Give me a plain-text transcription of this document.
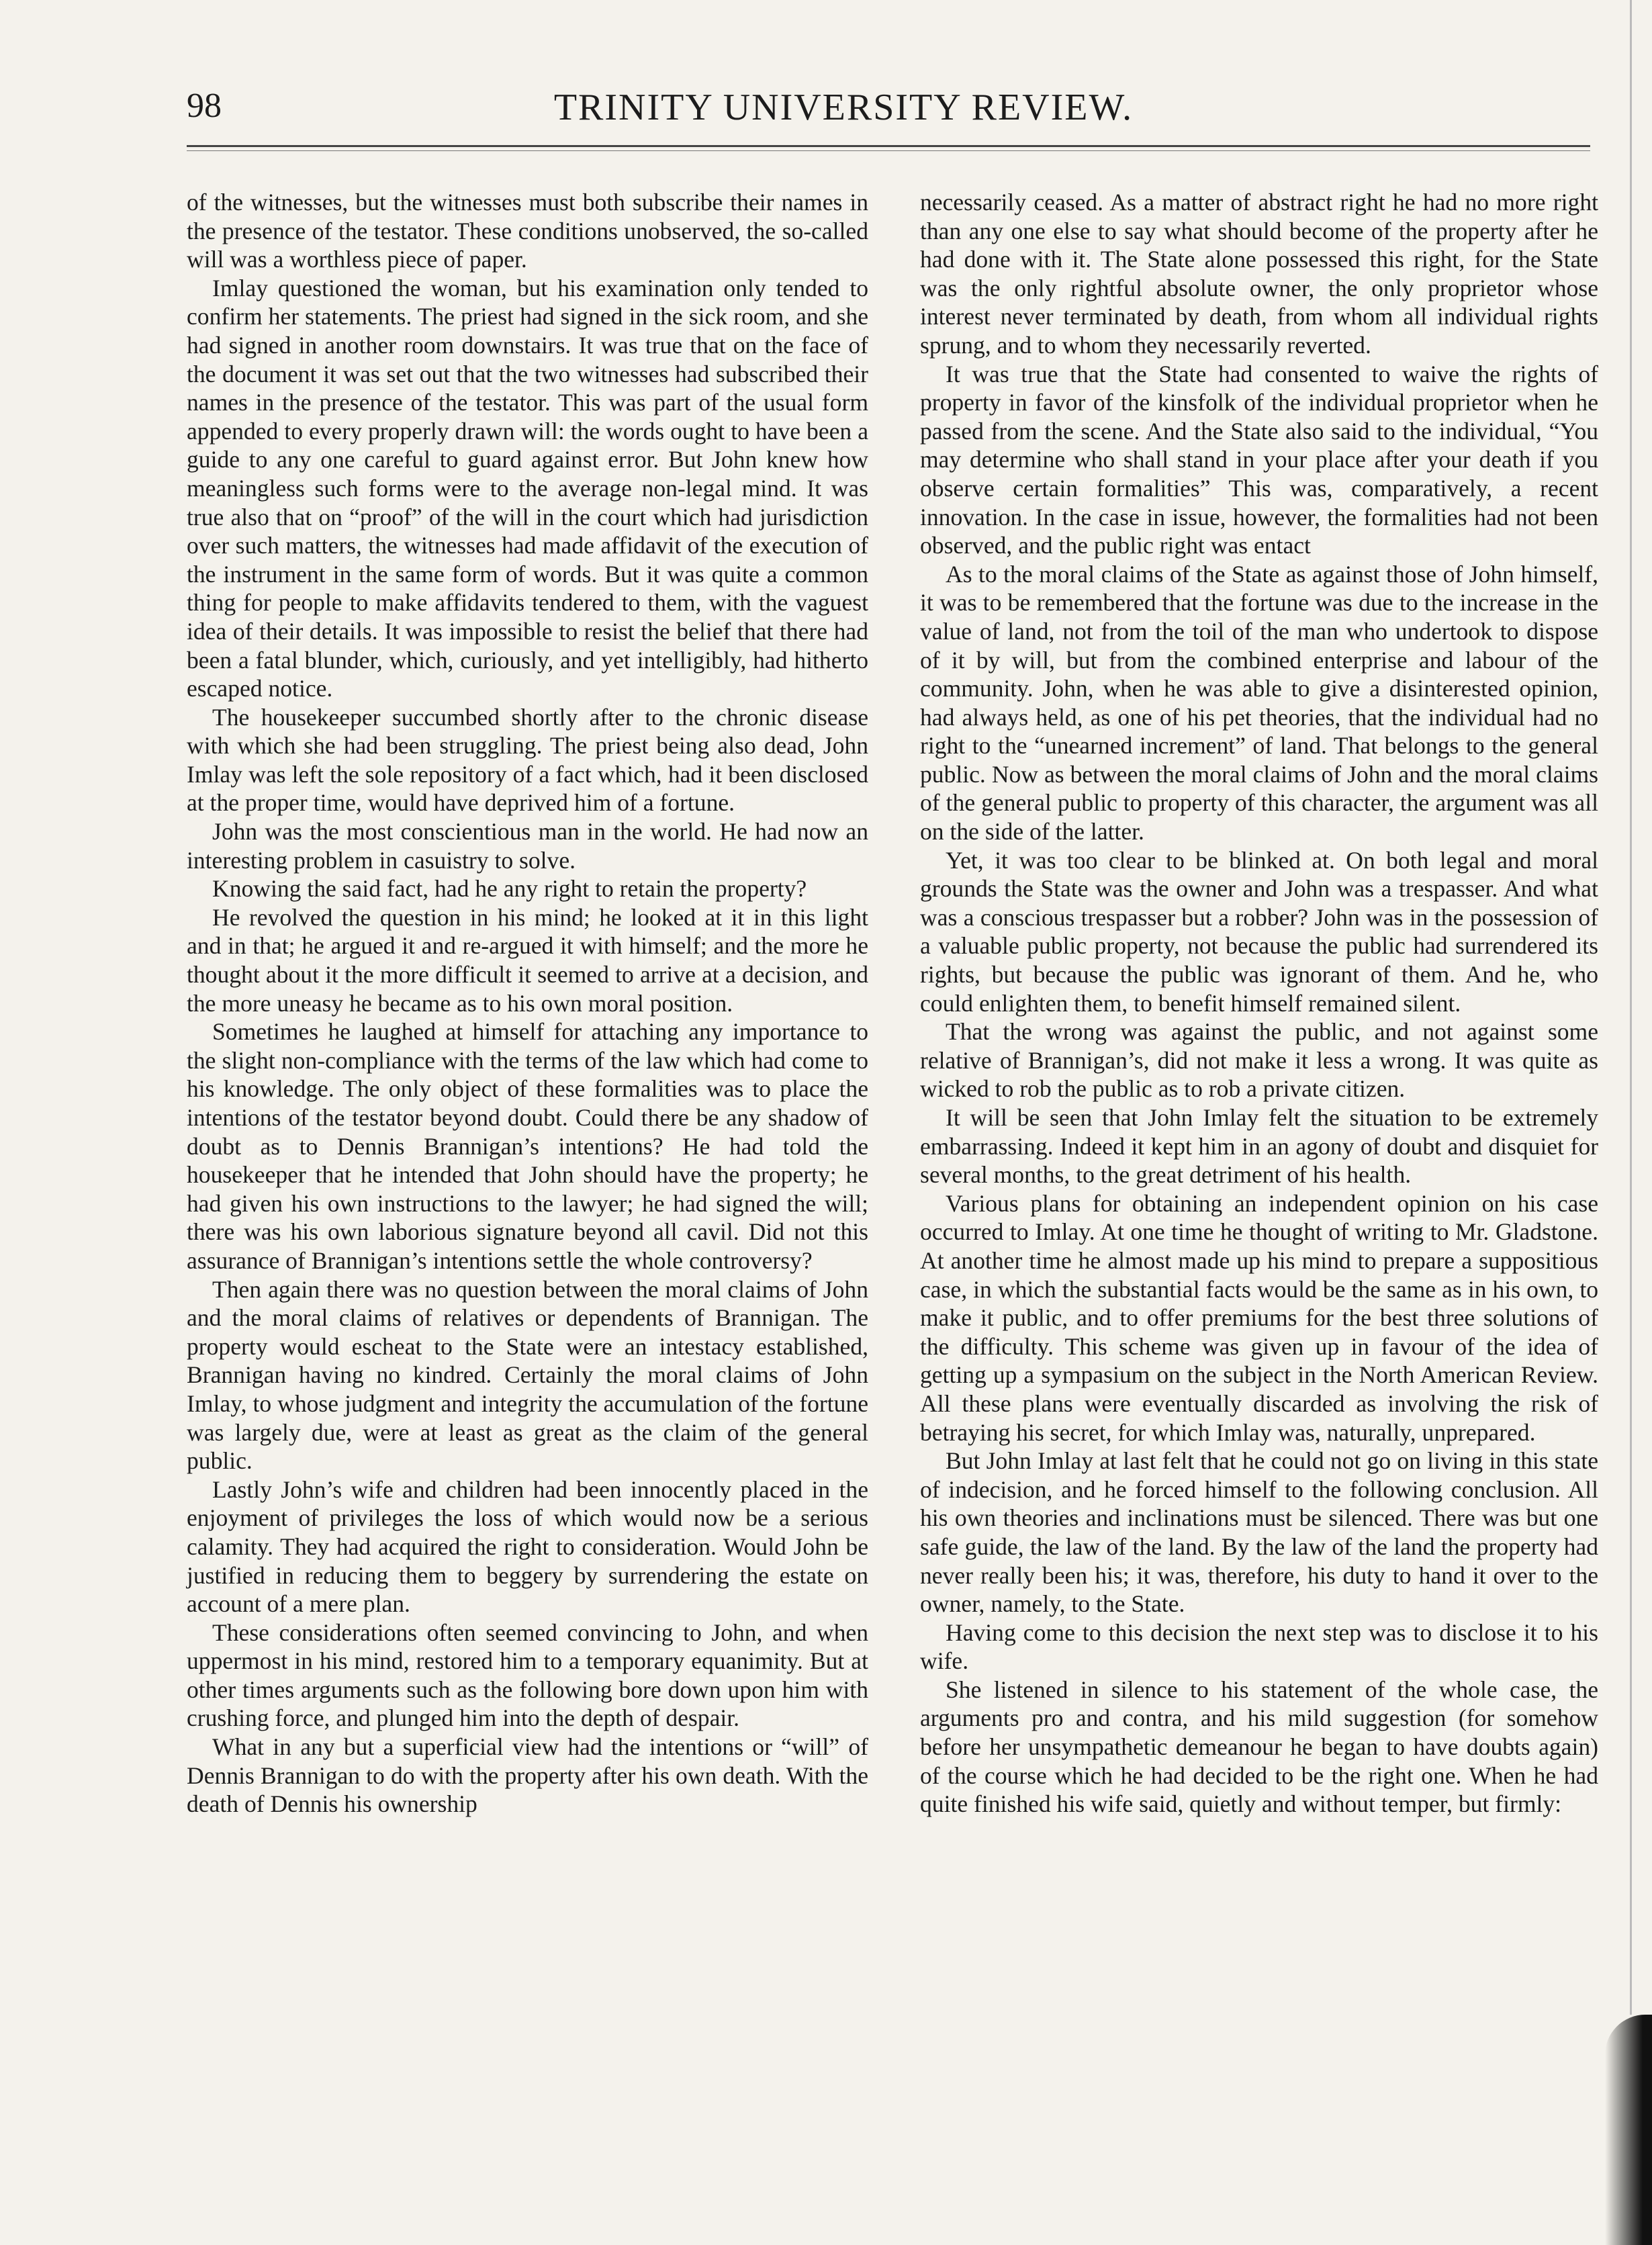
98	TRINITY UNIVERSITY REVIEW.

of the witnesses, but the witnesses must both subscribe their names in the presence of the testator. These conditions unobserved, the so-called will was a worthless piece of paper.

Imlay questioned the woman, but his examination only tended to confirm her statements. The priest had signed in the sick room, and she had signed in another room downstairs. It was true that on the face of the document it was set out that the two witnesses had subscribed their names in the presence of the testator. This was part of the usual form appended to every properly drawn will: the words ought to have been a guide to any one careful to guard against error. But John knew how meaningless such forms were to the average non-legal mind. It was true also that on “proof” of the will in the court which had jurisdiction over such matters, the witnesses had made affidavit of the execution of the instrument in the same form of words. But it was quite a common thing for people to make affidavits tendered to them, with the vaguest idea of their details. It was impossible to resist the belief that there had been a fatal blunder, which, curiously, and yet intelligibly, had hitherto escaped notice.

The housekeeper succumbed shortly after to the chronic disease with which she had been struggling. The priest being also dead, John Imlay was left the sole repository of a fact which, had it been disclosed at the proper time, would have deprived him of a fortune.

John was the most conscientious man in the world. He had now an interesting problem in casuistry to solve.

Knowing the said fact, had he any right to retain the property?

He revolved the question in his mind; he looked at it in this light and in that; he argued it and re-argued it with himself; and the more he thought about it the more difficult it seemed to arrive at a decision, and the more uneasy he became as to his own moral position.

Sometimes he laughed at himself for attaching any importance to the slight non-compliance with the terms of the law which had come to his knowledge. The only object of these formalities was to place the intentions of the testator beyond doubt. Could there be any shadow of doubt as to Dennis Brannigan’s intentions? He had told the housekeeper that he intended that John should have the property; he had given his own instructions to the lawyer; he had signed the will; there was his own laborious signature beyond all cavil. Did not this assurance of Brannigan’s intentions settle the whole controversy?

Then again there was no question between the moral claims of John and the moral claims of relatives or dependents of Brannigan. The property would escheat to the State were an intestacy established, Brannigan having no kindred. Certainly the moral claims of John Imlay, to whose judgment and integrity the accumulation of the fortune was largely due, were at least as great as the claim of the general public.

Lastly John’s wife and children had been innocently placed in the enjoyment of privileges the loss of which would now be a serious calamity. They had acquired the right to consideration. Would John be justified in reducing them to beggery by surrendering the estate on account of a mere plan.

These considerations often seemed convincing to John, and when uppermost in his mind, restored him to a temporary equanimity. But at other times arguments such as the following bore down upon him with crushing force, and plunged him into the depth of despair.

What in any but a superficial view had the intentions or “will” of Dennis Brannigan to do with the property after his own death. With the death of Dennis his ownership

necessarily ceased. As a matter of abstract right he had no more right than any one else to say what should become of the property after he had done with it. The State alone possessed this right, for the State was the only rightful absolute owner, the only proprietor whose interest never terminated by death, from whom all individual rights sprung, and to whom they necessarily reverted.

It was true that the State had consented to waive the rights of property in favor of the kinsfolk of the individual proprietor when he passed from the scene. And the State also said to the individual, “You may determine who shall stand in your place after your death if you observe certain formalities” This was, comparatively, a recent innovation. In the case in issue, however, the formalities had not been observed, and the public right was entact

As to the moral claims of the State as against those of John himself, it was to be remembered that the fortune was due to the increase in the value of land, not from the toil of the man who undertook to dispose of it by will, but from the combined enterprise and labour of the community. John, when he was able to give a disinterested opinion, had always held, as one of his pet theories, that the individual had no right to the “unearned increment” of land. That belongs to the general public. Now as between the moral claims of John and the moral claims of the general public to property of this character, the argument was all on the side of the latter.

Yet, it was too clear to be blinked at. On both legal and moral grounds the State was the owner and John was a trespasser. And what was a conscious trespasser but a robber? John was in the possession of a valuable public property, not because the public had surrendered its rights, but because the public was ignorant of them. And he, who could enlighten them, to benefit himself remained silent.

That the wrong was against the public, and not against some relative of Brannigan’s, did not make it less a wrong. It was quite as wicked to rob the public as to rob a private citizen.

It will be seen that John Imlay felt the situation to be extremely embarrassing. Indeed it kept him in an agony of doubt and disquiet for several months, to the great detriment of his health.

Various plans for obtaining an independent opinion on his case occurred to Imlay. At one time he thought of writing to Mr. Gladstone. At another time he almost made up his mind to prepare a suppositious case, in which the substantial facts would be the same as in his own, to make it public, and to offer premiums for the best three solutions of the difficulty. This scheme was given up in favour of the idea of getting up a sympasium on the subject in the North American Review. All these plans were eventually discarded as involving the risk of betraying his secret, for which Imlay was, naturally, unprepared.

But John Imlay at last felt that he could not go on living in this state of indecision, and he forced himself to the following conclusion. All his own theories and inclinations must be silenced. There was but one safe guide, the law of the land. By the law of the land the property had never really been his; it was, therefore, his duty to hand it over to the owner, namely, to the State.

Having come to this decision the next step was to disclose it to his wife.

She listened in silence to his statement of the whole case, the arguments pro and contra, and his mild suggestion (for somehow before her unsympathetic demeanour he began to have doubts again) of the course which he had decided to be the right one. When he had quite finished his wife said, quietly and without temper, but firmly:
